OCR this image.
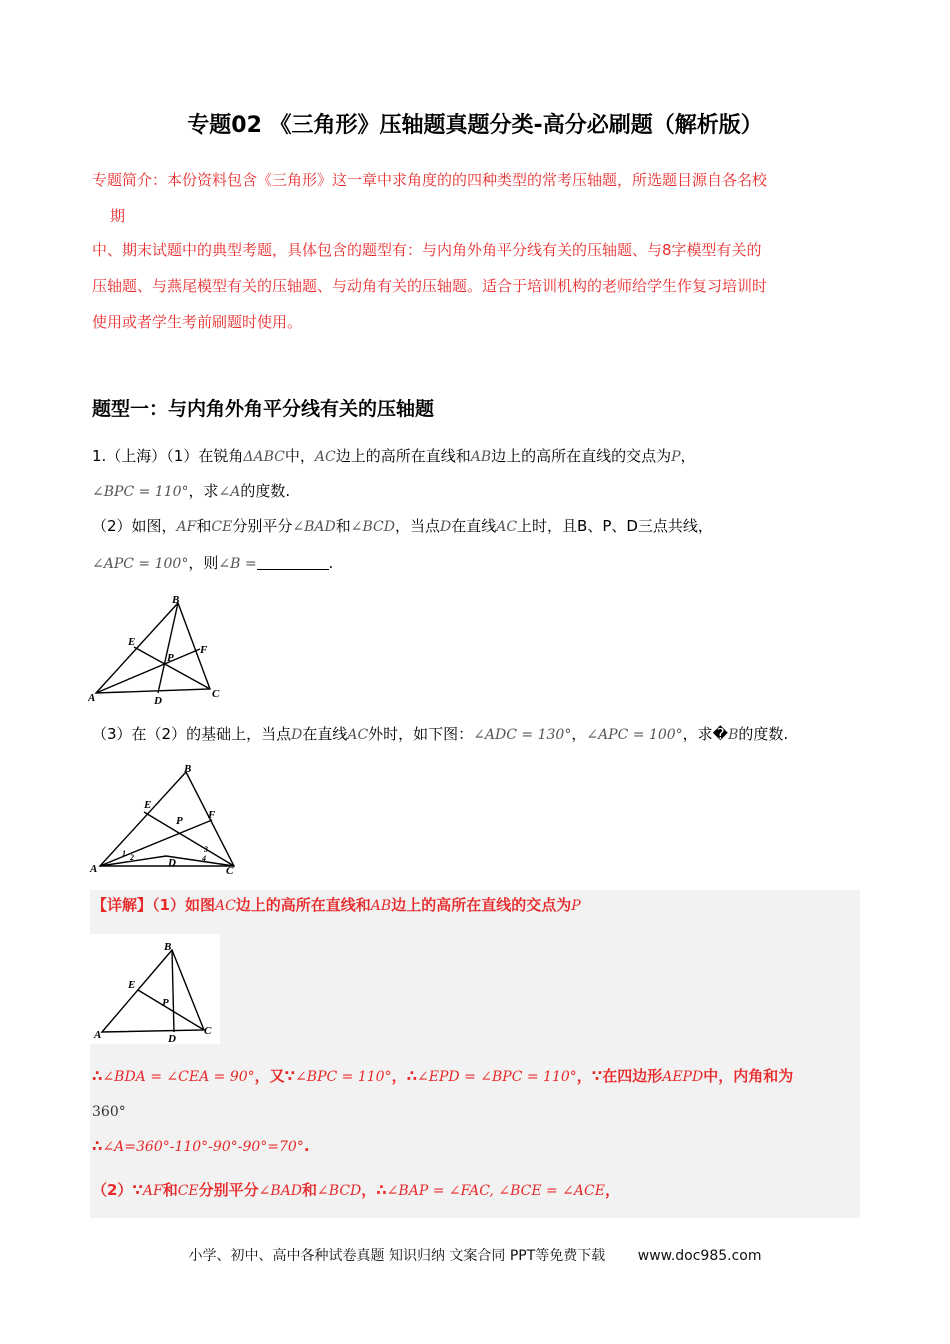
专题02 《三角形》压轴题真题分类-高分必刷题（解析版）
专题简介：本份资料包含《三角形》这一章中求角度的的四种类型的常考压轴题，所选题目源自各名校
期
中、期末试题中的典型考题，具体包含的题型有：与内角外角平分线有关的压轴题、与8字模型有关的
压轴题、与燕尾模型有关的压轴题、与动角有关的压轴题。适合于培训机构的老师给学生作复习培训时
使用或者学生考前刷题时使用。
题型一：与内角外角平分线有关的压轴题
1.（上海）（1）在锐角ΔABC中，AC边上的高所在直线和AB边上的高所在直线的交点为P，
∠BPC = 110°，求∠A的度数.
（2）如图，AF和CE分别平分∠BAD和∠BCD，当点D在直线AC上时，且B、P、D三点共线，
∠APC = 100°，则∠B =	.
A
B
C
D
E
F
P
（3）在（2）的基础上，当点D在直线AC外时，如下图：∠ADC = 130°，∠APC = 100°，求�B的度数.
A
B
C
D
E
F
P
1 2
3
4
【详解】（1）如图AC边上的高所在直线和AB边上的高所在直线的交点为P
A
B
C
D
E
P
∴∠BDA = ∠CEA = 90°，又∵∠BPC = 110°，∴∠EPD = ∠BPC = 110°，∵在四边形AEPD中，内角和为
360°
∴∠A=360°-110°-90°-90°=70°.
（2）∵AF和CE分别平分∠BAD和∠BCD，∴∠BAP = ∠FAC, ∠BCE = ∠ACE，
小学、初中、高中各种试卷真题 知识归纳 文案合同 PPT等免费下载 www.doc985.com
